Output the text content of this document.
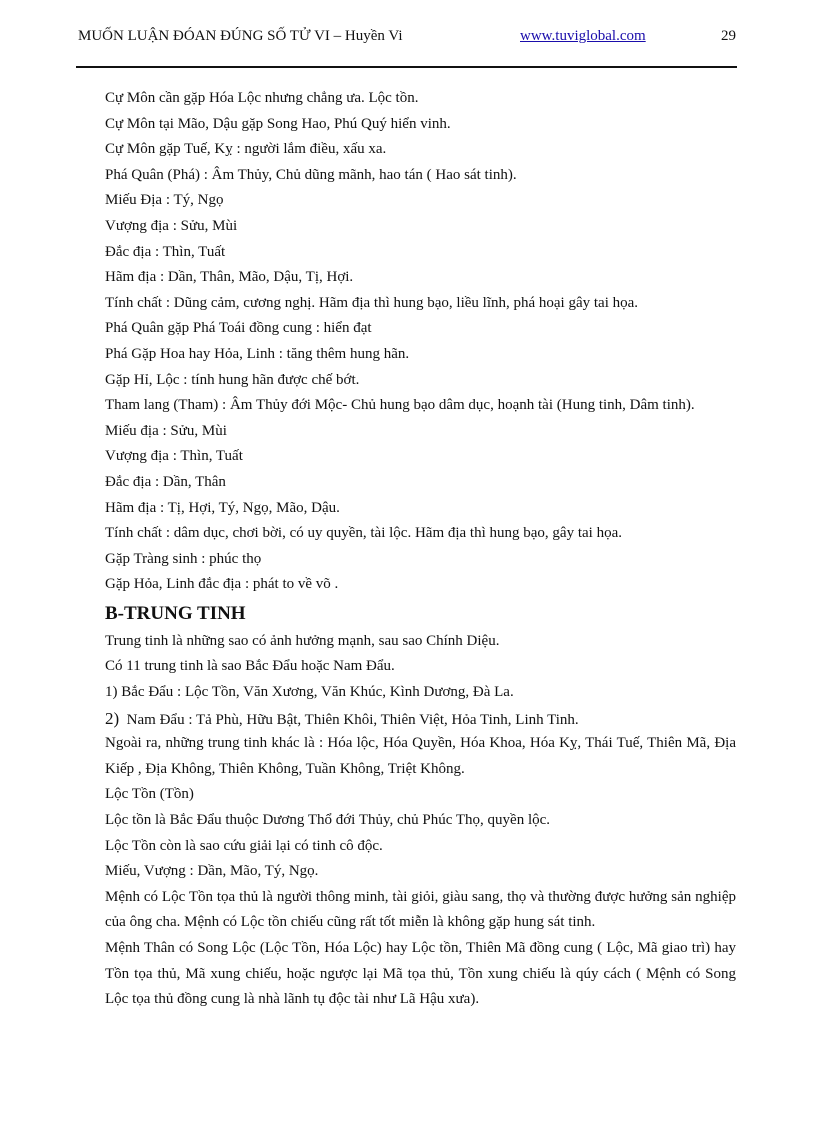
MUỐN LUẬN ĐÓAN ĐÚNG SỐ TỬ VI – Huyền Vi	www.tuviglobal.com	29
Cự Môn cần gặp Hóa Lộc nhưng chẳng ưa. Lộc tồn.
Cự Môn tại Mão, Dậu gặp Song Hao, Phú Quý hiển vinh.
Cự Môn gặp Tuế, Kỵ : người lắm điều, xấu xa.
Phá Quân (Phá) : Âm Thủy, Chủ dũng mãnh, hao tán ( Hao sát tinh).
Miếu Địa : Tý, Ngọ
Vượng địa : Sửu, Mùi
Đắc địa : Thìn, Tuất
Hãm địa : Dần, Thân, Mão, Dậu, Tị, Hợi.
Tính chất : Dũng cảm, cương nghị. Hãm địa thì hung bạo, liều lĩnh, phá hoại gây tai họa.
Phá Quân gặp Phá Toái đồng cung : hiển đạt
Phá Gặp Hoa hay Hỏa, Linh : tăng thêm hung hãn.
Gặp Hỉ, Lộc : tính hung hãn được chế bớt.
Tham lang (Tham) : Âm Thủy đới Mộc- Chủ hung bạo dâm dục, hoạnh tài (Hung tinh, Dâm tinh).
Miếu địa : Sửu, Mùi
Vượng địa : Thìn, Tuất
Đắc địa : Dần, Thân
Hãm địa : Tị, Hợi, Tý, Ngọ, Mão, Dậu.
Tính chất : dâm dục, chơi bời, có uy quyền, tài lộc. Hãm địa thì hung bạo, gây tai họa.
Gặp Tràng sinh : phúc thọ
Gặp Hỏa, Linh đắc địa : phát to về võ .
B-TRUNG TINH
Trung tinh là những sao có ảnh hưởng mạnh, sau sao Chính Diệu.
Có 11 trung tinh là sao Bắc Đẩu hoặc Nam Đẩu.
1) Bắc Đẩu : Lộc Tồn, Văn Xương, Văn Khúc, Kình Dương, Đà La.
2) Nam Đẩu : Tả Phù, Hữu Bật, Thiên Khôi, Thiên Việt, Hỏa Tinh, Linh Tinh.
Ngoài ra, những trung tinh khác là : Hóa lộc, Hóa Quyền, Hóa Khoa, Hóa Kỵ, Thái Tuế, Thiên Mã, Địa Kiếp , Địa Không, Thiên Không, Tuần Không, Triệt Không.
Lộc Tồn (Tồn)
Lộc tồn là Bắc Đẩu thuộc Dương Thổ đới Thủy, chủ Phúc Thọ, quyền lộc.
Lộc Tồn còn là sao cứu giải lại có tinh cô độc.
Miếu, Vượng : Dần, Mão, Tý, Ngọ.
Mệnh có Lộc Tồn tọa thủ là người thông minh, tài giỏi, giàu sang, thọ và thường được hưởng sản nghiệp của ông cha. Mệnh có Lộc tồn chiếu cũng rất tốt miễn là không gặp hung sát tinh.
Mệnh Thân có Song Lộc (Lộc Tồn, Hóa Lộc) hay Lộc tồn, Thiên Mã đồng cung ( Lộc, Mã giao trì) hay Tồn tọa thủ, Mã xung chiếu, hoặc ngược lại Mã tọa thủ, Tồn xung chiếu là qúy cách ( Mệnh có Song Lộc tọa thủ đồng cung là nhà lãnh tụ độc tài như Lã Hậu xưa).
